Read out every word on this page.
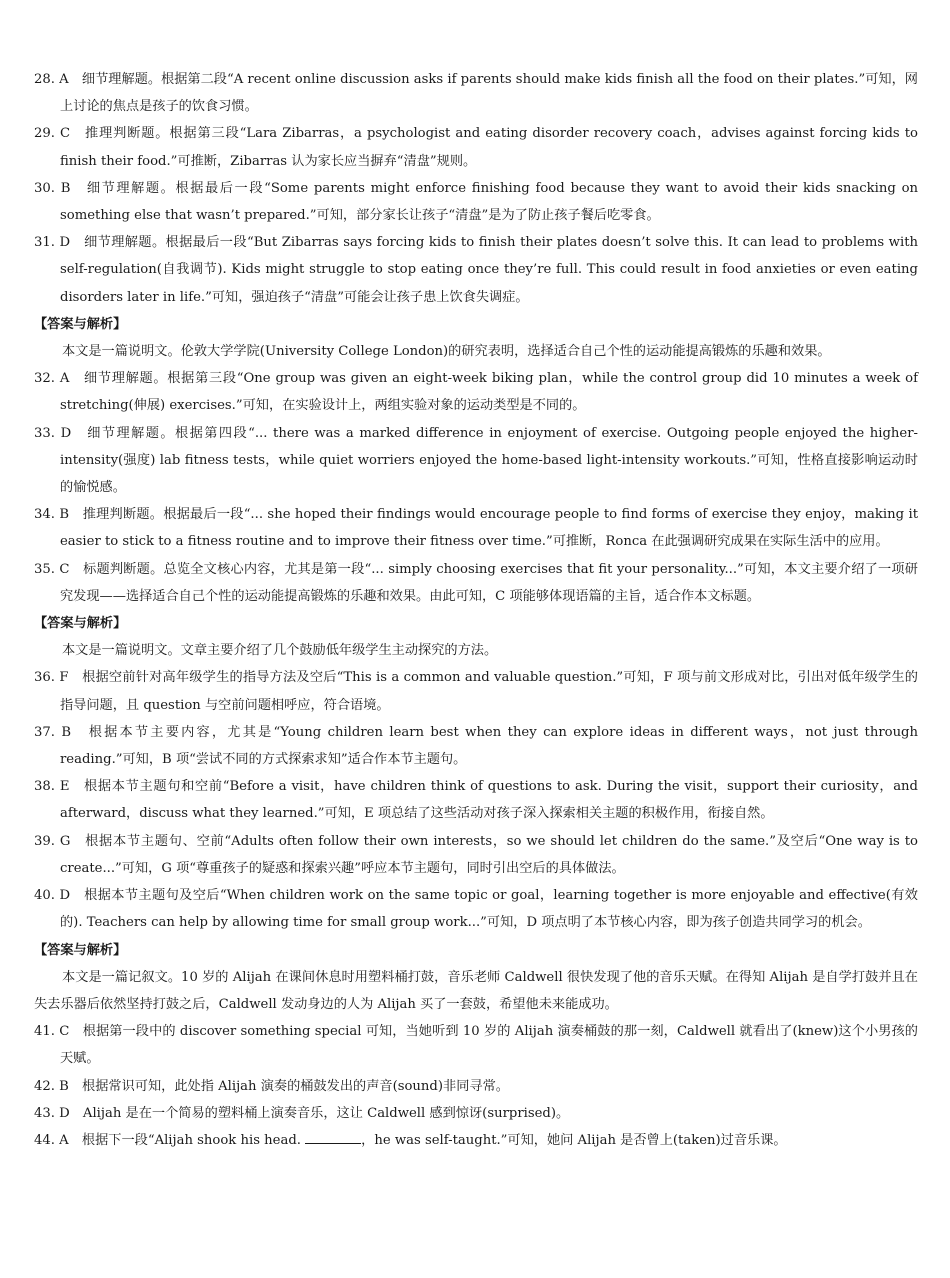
28. A　细节理解题。根据第二段“A recent online discussion asks if parents should make kids finish all the food on their plates.”可知，网上讨论的焦点是孩子的饮食习惯。

29. C　推理判断题。根据第三段“Lara Zibarras，a psychologist and eating disorder recovery coach，advises against forcing kids to finish their food.”可推断，Zibarras 认为家长应当摒弃“清盘”规则。

30. B　细节理解题。根据最后一段“Some parents might enforce finishing food because they want to avoid their kids snacking on something else that wasn’t prepared.”可知，部分家长让孩子“清盘”是为了防止孩子餐后吃零食。

31. D　细节理解题。根据最后一段“But Zibarras says forcing kids to finish their plates doesn’t solve this. It can lead to problems with self-regulation(自我调节). Kids might struggle to stop eating once they’re full. This could result in food anxieties or even eating disorders later in life.”可知，强迫孩子“清盘”可能会让孩子患上饮食失调症。

【答案与解析】

本文是一篇说明文。伦敦大学学院(University College London)的研究表明，选择适合自己个性的运动能提高锻炼的乐趣和效果。

32. A　细节理解题。根据第三段“One group was given an eight-week biking plan，while the control group did 10 minutes a week of stretching(伸展) exercises.”可知，在实验设计上，两组实验对象的运动类型是不同的。

33. D　细节理解题。根据第四段“... there was a marked difference in enjoyment of exercise. Outgoing people enjoyed the higher-intensity(强度) lab fitness tests，while quiet worriers enjoyed the home-based light-intensity workouts.”可知，性格直接影响运动时的愉悦感。

34. B　推理判断题。根据最后一段“... she hoped their findings would encourage people to find forms of exercise they enjoy，making it easier to stick to a fitness routine and to improve their fitness over time.”可推断，Ronca 在此强调研究成果在实际生活中的应用。

35. C　标题判断题。总览全文核心内容，尤其是第一段“... simply choosing exercises that fit your personality...”可知，本文主要介绍了一项研究发现——选择适合自己个性的运动能提高锻炼的乐趣和效果。由此可知，C 项能够体现语篇的主旨，适合作本文标题。

【答案与解析】

本文是一篇说明文。文章主要介绍了几个鼓励低年级学生主动探究的方法。

36. F　根据空前针对高年级学生的指导方法及空后“This is a common and valuable question.”可知，F 项与前文形成对比，引出对低年级学生的指导问题，且 question 与空前问题相呼应，符合语境。

37. B　根据本节主要内容，尤其是“Young children learn best when they can explore ideas in different ways，not just through reading.”可知，B 项“尝试不同的方式探索求知”适合作本节主题句。

38. E　根据本节主题句和空前“Before a visit，have children think of questions to ask. During the visit，support their curiosity，and afterward，discuss what they learned.”可知，E 项总结了这些活动对孩子深入探索相关主题的积极作用，衔接自然。

39. G　根据本节主题句、空前“Adults often follow their own interests，so we should let children do the same.”及空后“One way is to create...”可知，G 项“尊重孩子的疑惑和探索兴趣”呼应本节主题句，同时引出空后的具体做法。

40. D　根据本节主题句及空后“When children work on the same topic or goal，learning together is more enjoyable and effective(有效的). Teachers can help by allowing time for small group work...”可知，D 项点明了本节核心内容，即为孩子创造共同学习的机会。

【答案与解析】

本文是一篇记叙文。10 岁的 Alijah 在课间休息时用塑料桶打鼓，音乐老师 Caldwell 很快发现了他的音乐天赋。在得知 Alijah 是自学打鼓并且在失去乐器后依然坚持打鼓之后，Caldwell 发动身边的人为 Alijah 买了一套鼓，希望他未来能成功。

41. C　根据第一段中的 discover something special 可知，当她听到 10 岁的 Alijah 演奏桶鼓的那一刻，Caldwell 就看出了(knew)这个小男孩的天赋。

42. B　根据常识可知，此处指 Alijah 演奏的桶鼓发出的声音(sound)非同寻常。

43. D　Alijah 是在一个简易的塑料桶上演奏音乐，这让 Caldwell 感到惊讶(surprised)。

44. A　根据下一段“Alijah shook his head.	，he was self-taught.”可知，她问 Alijah 是否曾上(taken)过音乐课。
